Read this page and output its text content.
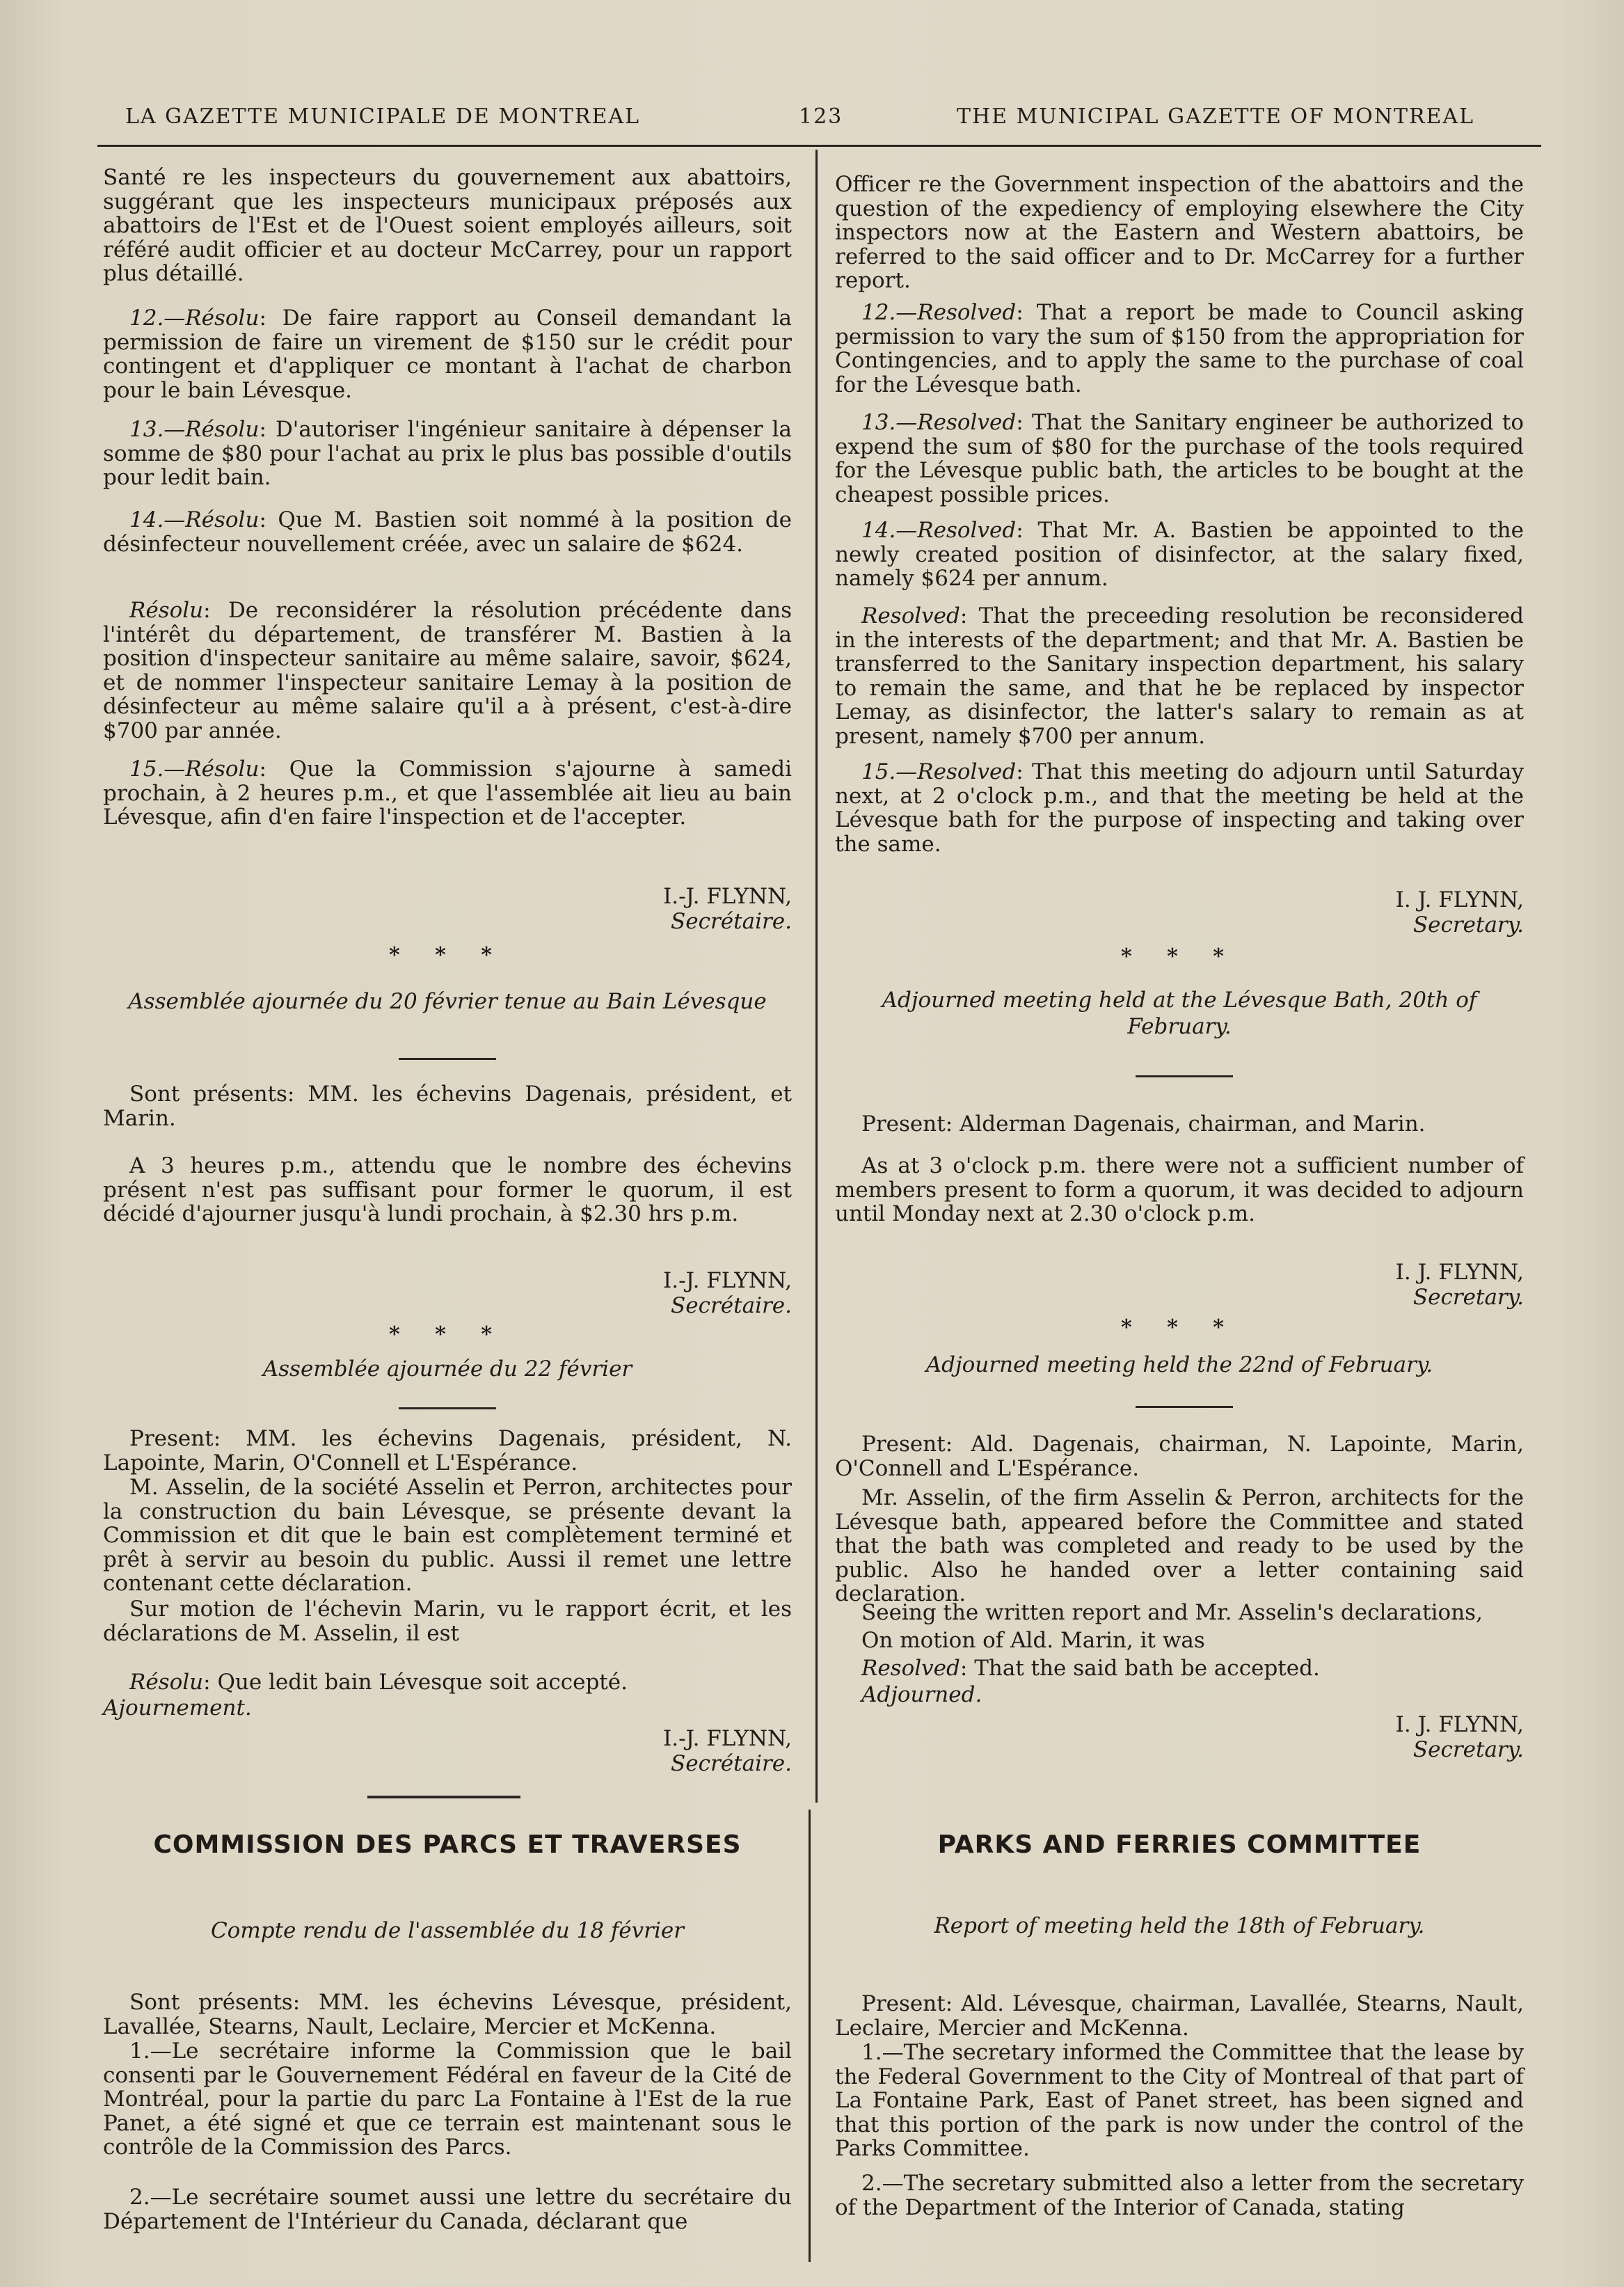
LA GAZETTE MUNICIPALE DE MONTREAL	123	THE MUNICIPAL GAZETTE OF MONTREAL

Santé re les inspecteurs du gouvernement aux abattoirs, suggérant que les inspecteurs municipaux préposés aux abattoirs de l'Est et de l'Ouest soient employés ailleurs, soit référé audit officier et au docteur McCarrey, pour un rapport plus détaillé.

12.—Résolu: De faire rapport au Conseil demandant la permission de faire un virement de $150 sur le crédit pour contingent et d'appliquer ce montant à l'achat de charbon pour le bain Lévesque.

13.—Résolu: D'autoriser l'ingénieur sanitaire à dépenser la somme de $80 pour l'achat au prix le plus bas possible d'outils pour ledit bain.

14.—Résolu: Que M. Bastien soit nommé à la position de désinfecteur nouvellement créée, avec un salaire de $624.

Résolu: De reconsidérer la résolution précédente dans l'intérêt du département, de transférer M. Bastien à la position d'inspecteur sanitaire au même salaire, savoir, $624, et de nommer l'inspecteur sanitaire Lemay à la position de désinfecteur au même salaire qu'il a à présent, c'est-à-dire $700 par année.

15.—Résolu: Que la Commission s'ajourne à samedi prochain, à 2 heures p.m., et que l'assemblée ait lieu au bain Lévesque, afin d'en faire l'inspection et de l'accepter.

I.-J. FLYNN,
Secrétaire.
* * *
Assemblée ajournée du 20 février tenue au Bain Lévesque

Sont présents: MM. les échevins Dagenais, président, et Marin.

A 3 heures p.m., attendu que le nombre des échevins présent n'est pas suffisant pour former le quorum, il est décidé d'ajourner jusqu'à lundi prochain, à $2.30 hrs p.m.

I.-J. FLYNN,
Secrétaire.
* * *
Assemblée ajournée du 22 février

Present: MM. les échevins Dagenais, président, N. Lapointe, Marin, O'Connell et L'Espérance.

M. Asselin, de la société Asselin et Perron, architectes pour la construction du bain Lévesque, se présente devant la Commission et dit que le bain est complètement terminé et prêt à servir au besoin du public. Aussi il remet une lettre contenant cette déclaration.

Sur motion de l'échevin Marin, vu le rapport écrit, et les déclarations de M. Asselin, il est

Résolu: Que ledit bain Lévesque soit accepté.

Ajournement.

I.-J. FLYNN,
Secrétaire.
COMMISSION DES PARCS ET TRAVERSES
Compte rendu de l'assemblée du 18 février

Sont présents: MM. les échevins Lévesque, président, Lavallée, Stearns, Nault, Leclaire, Mercier et McKenna.

1.—Le secrétaire informe la Commission que le bail consenti par le Gouvernement Fédéral en faveur de la Cité de Montréal, pour la partie du parc La Fontaine à l'Est de la rue Panet, a été signé et que ce terrain est maintenant sous le contrôle de la Commission des Parcs.

2.—Le secrétaire soumet aussi une lettre du secrétaire du Département de l'Intérieur du Canada, déclarant que

Officer re the Government inspection of the abattoirs and the question of the expediency of employing elsewhere the City inspectors now at the Eastern and Western abattoirs, be referred to the said officer and to Dr. McCarrey for a further report.

12.—Resolved: That a report be made to Council asking permission to vary the sum of $150 from the appropriation for Contingencies, and to apply the same to the purchase of coal for the Lévesque bath.

13.—Resolved: That the Sanitary engineer be authorized to expend the sum of $80 for the purchase of the tools required for the Lévesque public bath, the articles to be bought at the cheapest possible prices.

14.—Resolved: That Mr. A. Bastien be appointed to the newly created position of disinfector, at the salary fixed, namely $624 per annum.

Resolved: That the preceeding resolution be reconsidered in the interests of the department; and that Mr. A. Bastien be transferred to the Sanitary inspection department, his salary to remain the same, and that he be replaced by inspector Lemay, as disinfector, the latter's salary to remain as at present, namely $700 per annum.

15.—Resolved: That this meeting do adjourn until Saturday next, at 2 o'clock p.m., and that the meeting be held at the Lévesque bath for the purpose of inspecting and taking over the same.

I. J. FLYNN,
Secretary.
* * *
Adjourned meeting held at the Lévesque Bath, 20th of February.

Present: Alderman Dagenais, chairman, and Marin.

As at 3 o'clock p.m. there were not a sufficient number of members present to form a quorum, it was decided to adjourn until Monday next at 2.30 o'clock p.m.

I. J. FLYNN,
Secretary.
* * *
Adjourned meeting held the 22nd of February.

Present: Ald. Dagenais, chairman, N. Lapointe, Marin, O'Connell and L'Espérance.

Mr. Asselin, of the firm Asselin & Perron, architects for the Lévesque bath, appeared before the Committee and stated that the bath was completed and ready to be used by the public. Also he handed over a letter containing said declaration.

Seeing the written report and Mr. Asselin's declarations,

On motion of Ald. Marin, it was

Resolved: That the said bath be accepted.

Adjourned.

I. J. FLYNN,
Secretary.
PARKS AND FERRIES COMMITTEE
Report of meeting held the 18th of February.

Present: Ald. Lévesque, chairman, Lavallée, Stearns, Nault, Leclaire, Mercier and McKenna.

1.—The secretary informed the Committee that the lease by the Federal Government to the City of Montreal of that part of La Fontaine Park, East of Panet street, has been signed and that this portion of the park is now under the control of the Parks Committee.

2.—The secretary submitted also a letter from the secretary of the Department of the Interior of Canada, stating
